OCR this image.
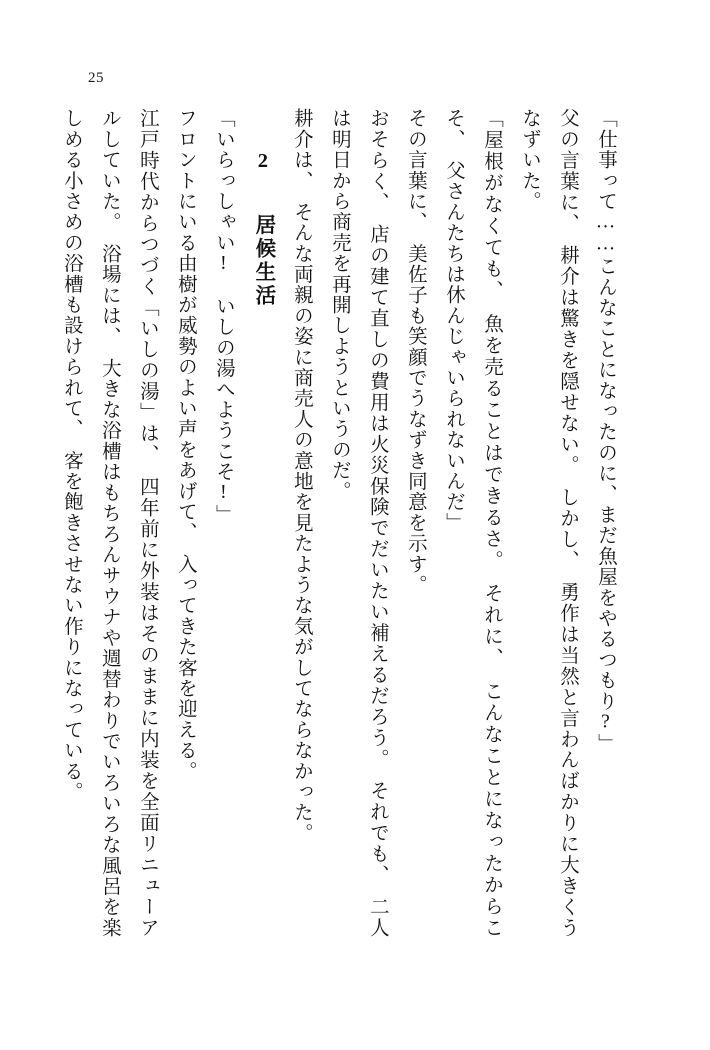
25
「仕事って……こんなことになったのに、まだ魚屋をやるつもり?」
父の言葉に、　耕介は驚きを隠せない。　しかし、　勇作は当然と言わんばかりに大きくうなずいた。
「屋根がなくても、　魚を売ることはできるさ。　それに、　こんなことになったからこそ、　父さんたちは休んじゃいられないんだ」
その言葉に、　美佐子も笑顔でうなずき同意を示す。
おそらく、　店の建て直しの費用は火災保険でだいたい補えるだろう。　それでも、　二人は明日から商売を再開しようというのだ。
耕介は、　そんな両親の姿に商売人の意地を見たような気がしてならなかった。
2 居候生活
「いらっしゃい!　いしの湯へようこそ!」
フロントにいる由樹が威勢のよい声をあげて、　入ってきた客を迎える。
江戸時代からつづく「いしの湯」は、　四年前に外装はそのままに内装を全面リニューアルしていた。　浴場には、　大きな浴槽はもちろんサウナや週替わりでいろいろな風呂を楽しめる小さめの浴槽も設けられて、　客を飽きさせない作りになっている。
